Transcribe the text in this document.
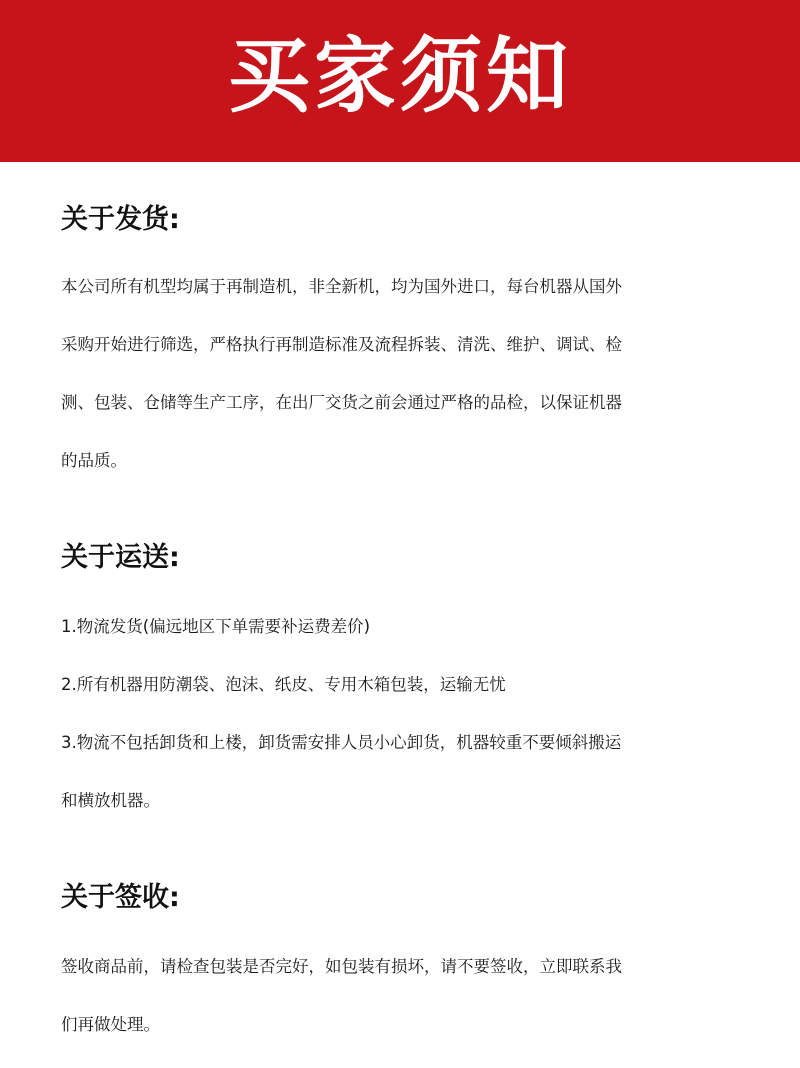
买家须知
关于发货:

本公司所有机型均属于再制造机，非全新机，均为国外进口，每台机器从国外

采购开始进行筛选，严格执行再制造标准及流程拆装、清洗、维护、调试、检

测、包装、仓储等生产工序，在出厂交货之前会通过严格的品检，以保证机器

的品质。

关于运送:

1.物流发货(偏远地区下单需要补运费差价)

2.所有机器用防潮袋、泡沫、纸皮、专用木箱包装，运输无忧

3.物流不包括卸货和上楼，卸货需安排人员小心卸货，机器较重不要倾斜搬运

和横放机器。

关于签收:

签收商品前，请检查包装是否完好，如包装有损坏，请不要签收，立即联系我

们再做处理。
